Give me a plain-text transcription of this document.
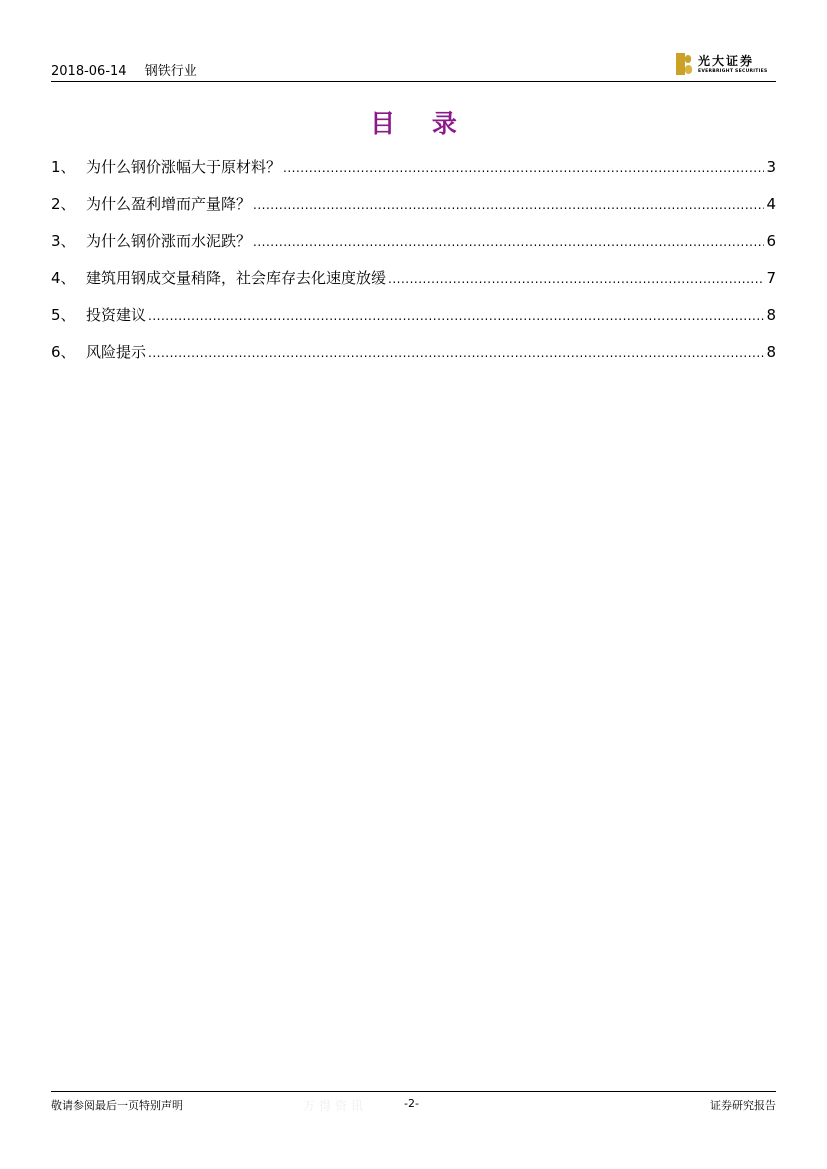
2018-06-14 钢铁行业
光大证券
EVERBRIGHT SECURITIES
目 录
1、 为什么钢价涨幅大于原材料？ .....	3
2、 为什么盈利增而产量降？ .....	4
3、 为什么钢价涨而水泥跌？ .....	6
4、 建筑用钢成交量稍降，社会库存去化速度放缓 .....	7
5、 投资建议 .....	8
6、 风险提示 .....	8
敬请参阅最后一页特别声明	万得资讯	-2-	证券研究报告
